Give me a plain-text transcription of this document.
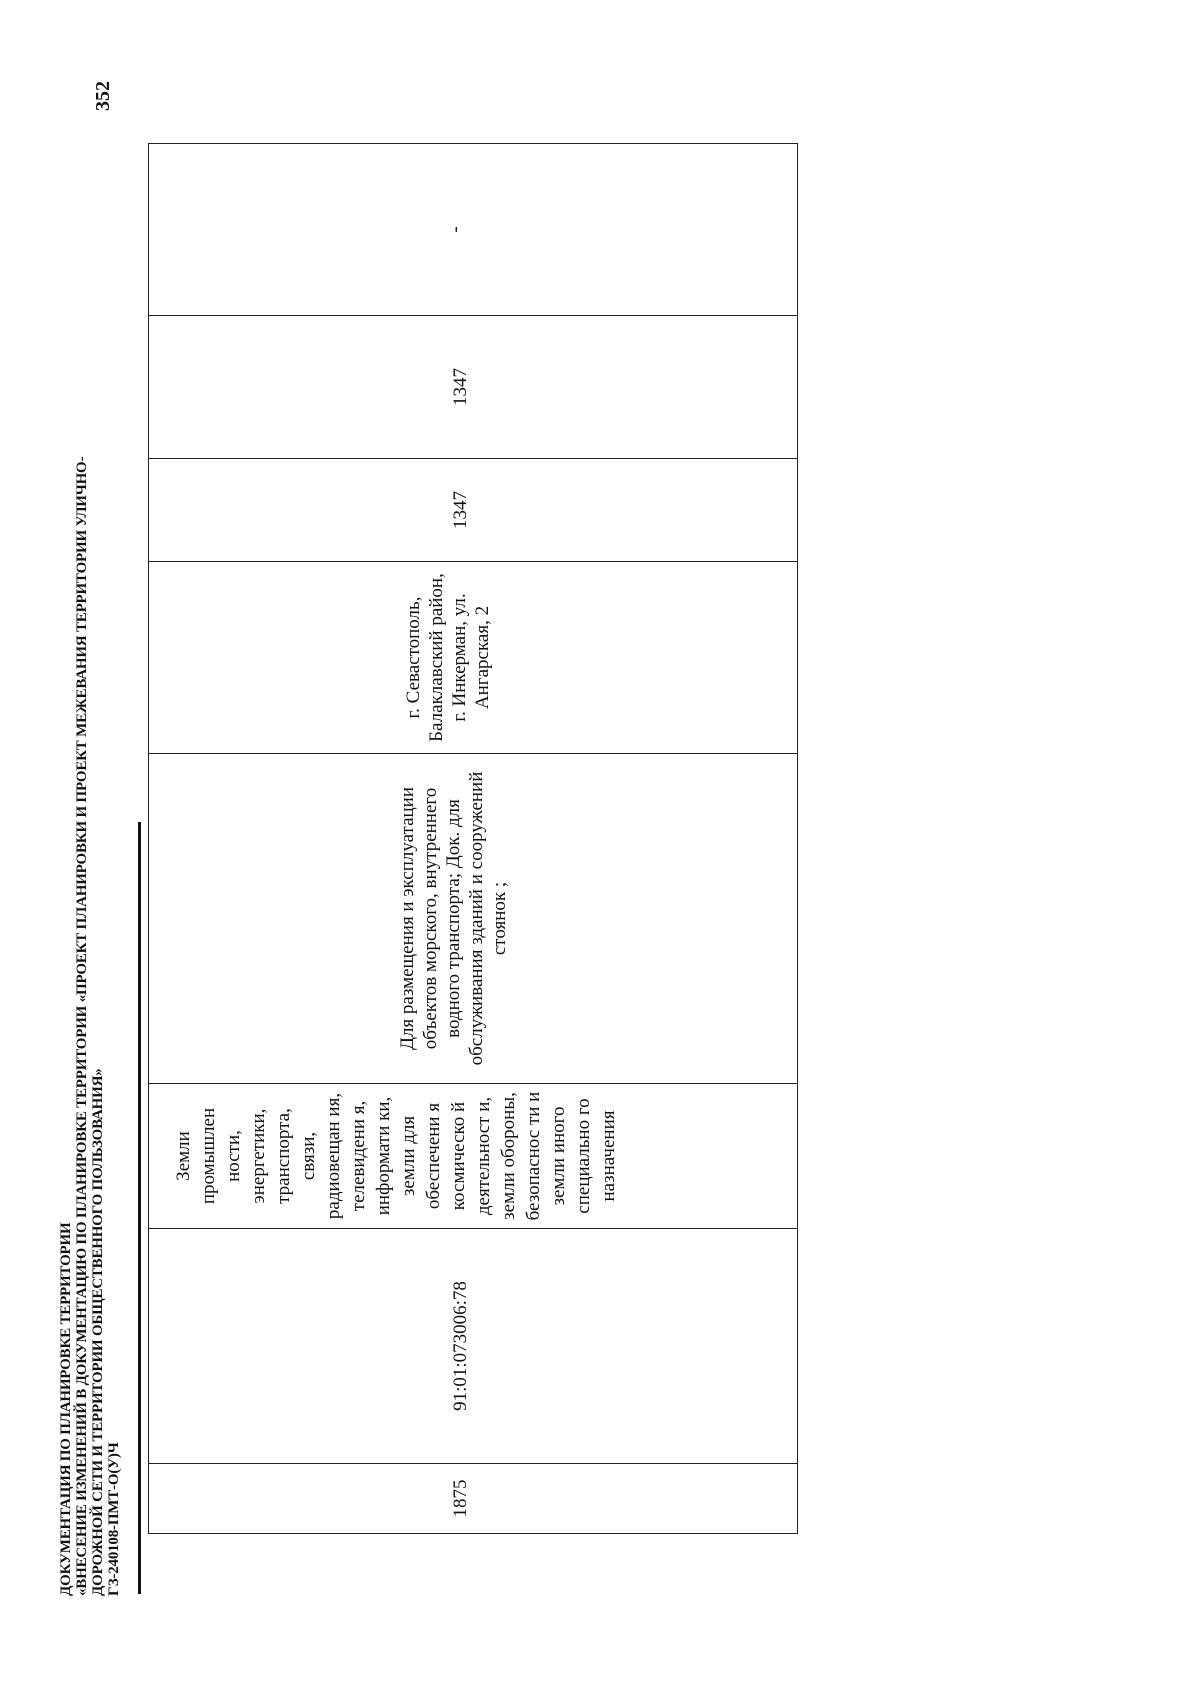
ДОКУМЕНТАЦИЯ ПО ПЛАНИРОВКЕ ТЕРРИТОРИИ «ВНЕСЕНИЕ ИЗМЕНЕНИЙ В ДОКУМЕНТАЦИЮ ПО ПЛАНИРОВКЕ ТЕРРИТОРИИ «ПРОЕКТ ПЛАНИРОВКИ И ПРОЕКТ МЕЖЕВАНИЯ ТЕРРИТОРИИ УЛИЧНО- ДОРОЖНОЙ СЕТИ И ТЕРРИТОРИИ ОБЩЕСТВЕННОГО ПОЛЬЗОВАНИЯ» ГЗ-240108-ПМТ-О(У)Ч
352
1875	91:01:073006:78	Земли промышлен ности, энергетики, транспорта, связи, радиовещан ия, телевидени я, информати ки, земли для обеспечени я космическо й деятельност и, земли обороны, безопаснос ти и земли иного специально го назначения	Для размещения и эксплуатации объектов морского, внутреннего водного транспорта; Док. для обслуживания зданий и сооружений стоянок ;	г. Севастополь, Балаклавский район, г. Инкерман, ул. Ангарская, 2	1347	1347	-
